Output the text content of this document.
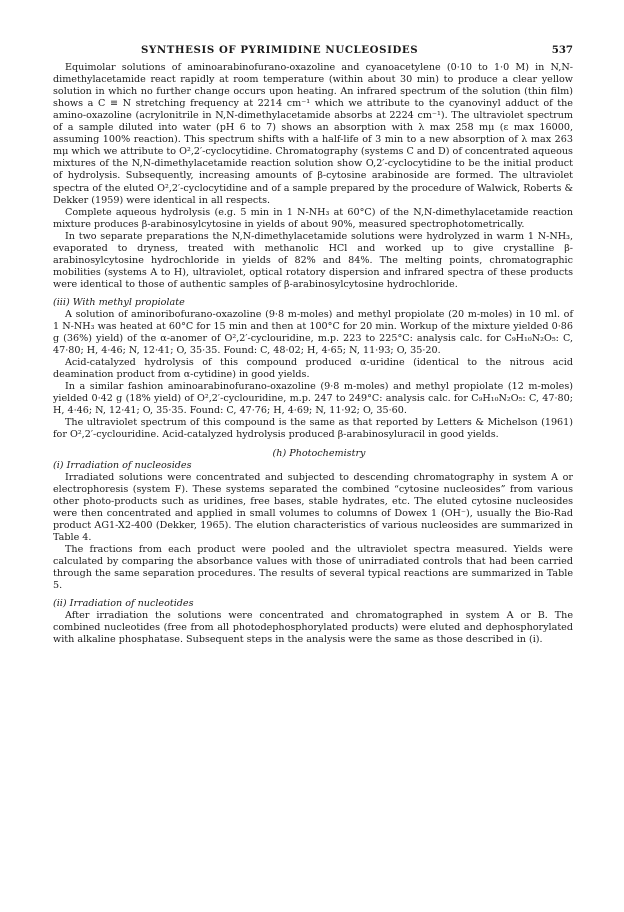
SYNTHESIS OF PYRIMIDINE NUCLEOSIDES	537

Equimolar solutions of aminoarabinofurano-oxazoline and cyanoacetylene (0·10 to 1·0 M) in N,N-dimethylacetamide react rapidly at room temperature (within about 30 min) to produce a clear yellow solution in which no further change occurs upon heating. An infrared spectrum of the solution (thin film) shows a C ≡ N stretching frequency at 2214 cm⁻¹ which we attribute to the cyanovinyl adduct of the amino-oxazoline (acrylonitrile in N,N-dimethylacetamide absorbs at 2224 cm⁻¹). The ultraviolet spectrum of a sample diluted into water (pH 6 to 7) shows an absorption with λ max 258 mμ (ε max 16000, assuming 100% reaction). This spectrum shifts with a half-life of 3 min to a new absorption of λ max 263 mμ which we attribute to O²,2′-cyclocytidine. Chromatography (systems C and D) of concentrated aqueous mixtures of the N,N-dimethylacetamide reaction solution show O,2′-cyclocytidine to be the initial product of hydrolysis. Subsequently, increasing amounts of β-cytosine arabinoside are formed. The ultraviolet spectra of the eluted O²,2′-cyclocytidine and of a sample prepared by the procedure of Walwick, Roberts & Dekker (1959) were identical in all respects.

Complete aqueous hydrolysis (e.g. 5 min in 1 N-NH₃ at 60°C) of the N,N-dimethylacetamide reaction mixture produces β-arabinosylcytosine in yields of about 90%, measured spectrophotometrically.

In two separate preparations the N,N-dimethylacetamide solutions were hydrolyzed in warm 1 N-NH₃, evaporated to dryness, treated with methanolic HCl and worked up to give crystalline β-arabinosylcytosine hydrochloride in yields of 82% and 84%. The melting points, chromatographic mobilities (systems A to H), ultraviolet, optical rotatory dispersion and infrared spectra of these products were identical to those of authentic samples of β-arabinosylcytosine hydrochloride.

(iii) With methyl propiolate

A solution of aminoribofurano-oxazoline (9·8 m-moles) and methyl propiolate (20 m-moles) in 10 ml. of 1 N-NH₃ was heated at 60°C for 15 min and then at 100°C for 20 min. Workup of the mixture yielded 0·86 g (36%) yield) of the α-anomer of O²,2′-cyclouridine, m.p. 223 to 225°C: analysis calc. for C₉H₁₀N₂O₅: C, 47·80; H, 4·46; N, 12·41; O, 35·35. Found: C, 48·02; H, 4·65; N, 11·93; O, 35·20.

Acid-catalyzed hydrolysis of this compound produced α-uridine (identical to the nitrous acid deamination product from α-cytidine) in good yields.

In a similar fashion aminoarabinofurano-oxazoline (9·8 m-moles) and methyl propiolate (12 m-moles) yielded 0·42 g (18% yield) of O²,2′-cyclouridine, m.p. 247 to 249°C: analysis calc. for C₉H₁₀N₂O₅: C, 47·80; H, 4·46; N, 12·41; O, 35·35. Found: C, 47·76; H, 4·69; N, 11·92; O, 35·60.

The ultraviolet spectrum of this compound is the same as that reported by Letters & Michelson (1961) for O²,2′-cyclouridine. Acid-catalyzed hydrolysis produced β-arabinosyluracil in good yields.

(h) Photochemistry

(i) Irradiation of nucleosides

Irradiated solutions were concentrated and subjected to descending chromatography in system A or electrophoresis (system F). These systems separated the combined “cytosine nucleosides” from various other photo-products such as uridines, free bases, stable hydrates, etc. The eluted cytosine nucleosides were then concentrated and applied in small volumes to columns of Dowex 1 (OH⁻), usually the Bio-Rad product AG1-X2-400 (Dekker, 1965). The elution characteristics of various nucleosides are summarized in Table 4.

The fractions from each product were pooled and the ultraviolet spectra measured. Yields were calculated by comparing the absorbance values with those of unirradiated controls that had been carried through the same separation procedures. The results of several typical reactions are summarized in Table 5.

(ii) Irradiation of nucleotides

After irradiation the solutions were concentrated and chromatographed in system A or B. The combined nucleotides (free from all photodephosphorylated products) were eluted and dephosphorylated with alkaline phosphatase. Subsequent steps in the analysis were the same as those described in (i).
